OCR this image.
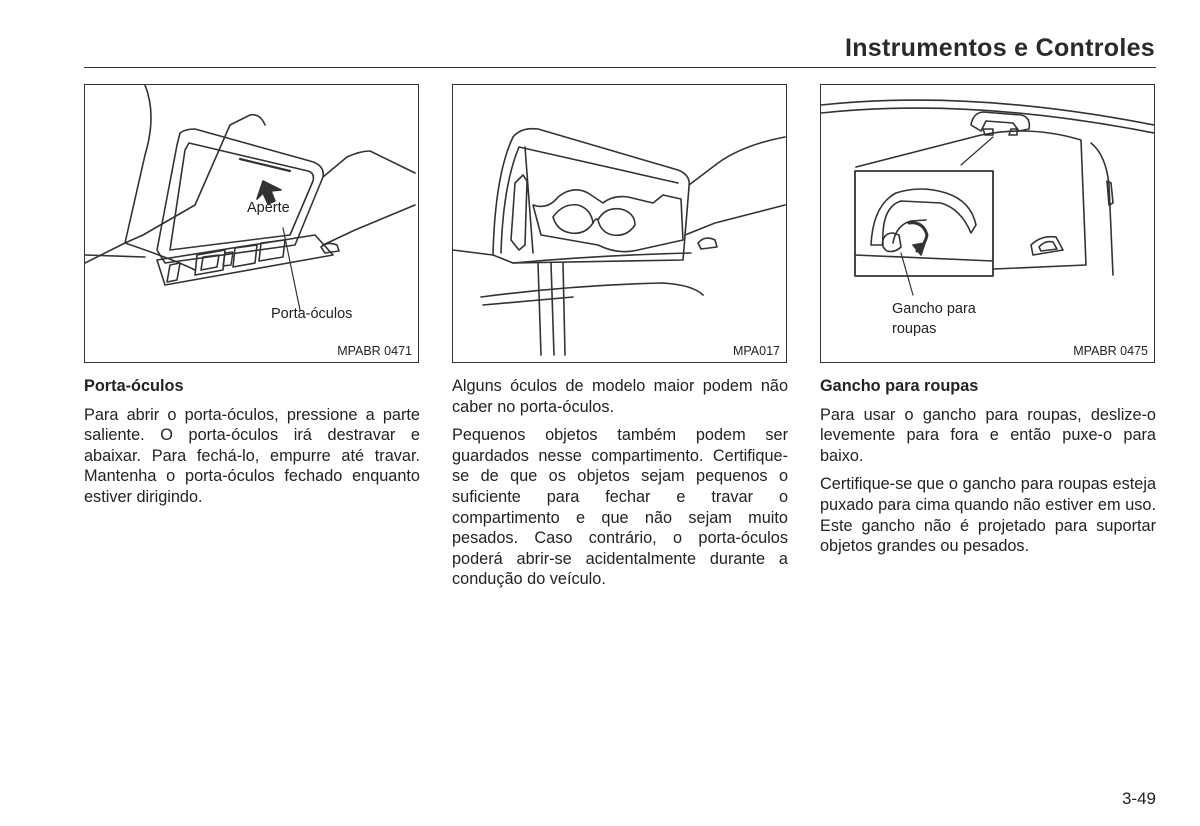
Instrumentos e Controles
Aperte
Porta-óculos
MPABR 0471	MPA017
Gancho para
roupas
MPABR 0475
Porta-óculos

Para abrir o porta-óculos, pressione a parte saliente. O porta-óculos irá destravar e abaixar. Para fechá-lo, empurre até travar. Mantenha o porta-óculos fechado enquanto estiver dirigindo.

Alguns óculos de modelo maior podem não caber no porta-óculos.

Pequenos objetos também podem ser guardados nesse compartimento. Certifique-se de que os objetos sejam pequenos o suficiente para fechar e travar o compartimento e que não sejam muito pesados. Caso contrário, o porta-óculos poderá abrir-se acidentalmente durante a condução do veículo.

Gancho para roupas

Para usar o gancho para roupas, deslize-o levemente para fora e então puxe-o para baixo.

Certifique-se que o gancho para roupas esteja puxado para cima quando não estiver em uso. Este gancho não é projetado para suportar objetos grandes ou pesados.

3-49
